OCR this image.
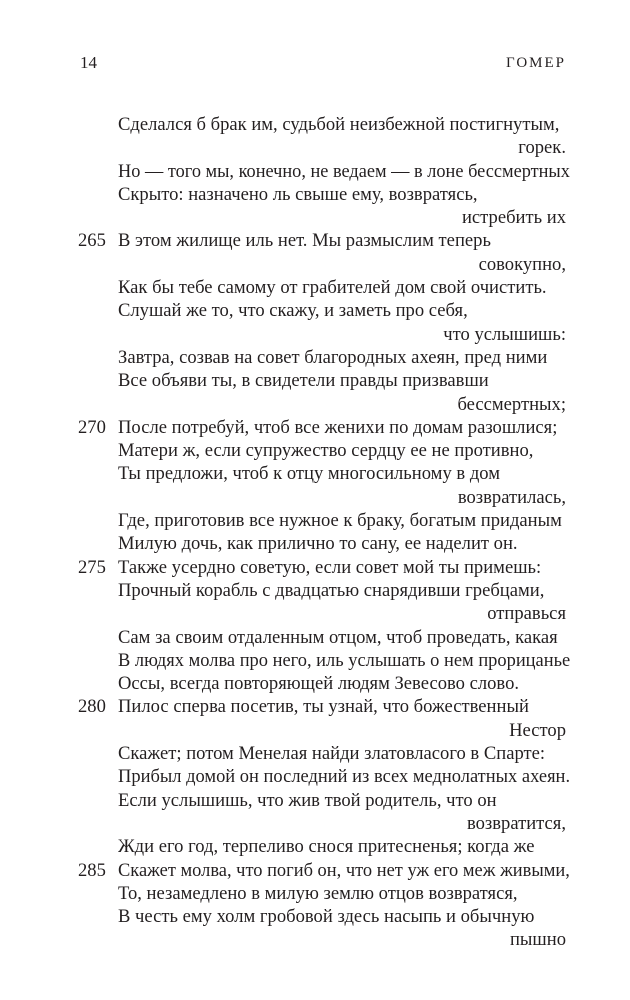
14	ГОМЕР
Сделался б брак им, судьбой неизбежной постигнутым,
горек.
Но — того мы, конечно, не ведаем — в лоне бессмертных
Скрыто: назначено ль свыше ему, возвратясь,
истребить их
265 В этом жилище иль нет. Мы размыслим теперь
совокупно,
Как бы тебе самому от грабителей дом свой очистить.
Слушай же то, что скажу, и заметь про себя,
что услышишь:
Завтра, созвав на совет благородных ахеян, пред ними
Все объяви ты, в свидетели правды призвавши
бессмертных;
270 После потребуй, чтоб все женихи по домам разошлися;
Матери ж, если супружество сердцу ее не противно,
Ты предложи, чтоб к отцу многосильному в дом
возвратилась,
Где, приготовив все нужное к браку, богатым приданым
Милую дочь, как прилично то сану, ее наделит он.
275 Также усердно советую, если совет мой ты примешь:
Прочный корабль с двадцатью снарядивши гребцами,
отправься
Сам за своим отдаленным отцом, чтоб проведать, какая
В людях молва про него, иль услышать о нем прорицанье
Оссы, всегда повторяющей людям Зевесово слово.
280 Пилос сперва посетив, ты узнай, что божественный
Нестор
Скажет; потом Менелая найди златовласого в Спарте:
Прибыл домой он последний из всех меднолатных ахеян.
Если услышишь, что жив твой родитель, что он
возвратится,
Жди его год, терпеливо снося притесненья; когда же
285 Скажет молва, что погиб он, что нет уж его меж живыми,
То, незамедлено в милую землю отцов возвратяся,
В честь ему холм гробовой здесь насыпь и обычную
пышно
